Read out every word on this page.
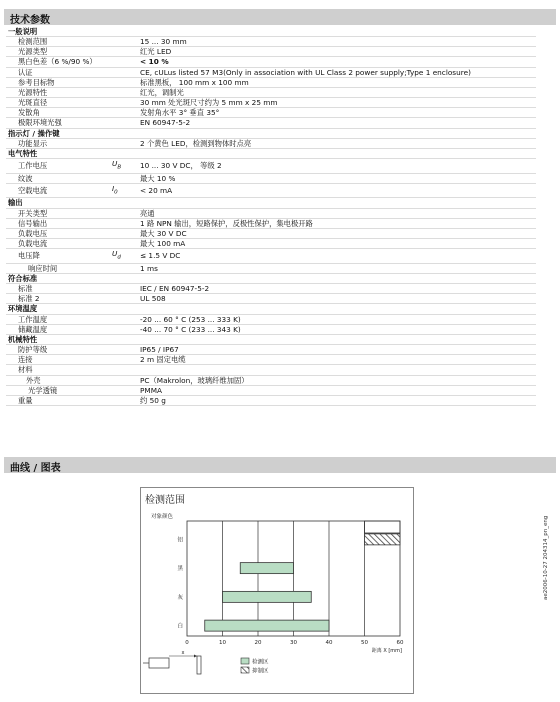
技术参数
一般说明		
检测范围		15 ... 30 mm
光源类型		红光 LED
黑白色差（6 %/90 %）		< 10 %
认证		CE, cULus listed 57 M3(Only in association with UL Class 2 power supply;Type 1 enclosure)
参考目标物		标准黑板， 100 mm x 100 mm
光源特性		红光，调制光
光斑直径		30 mm 处光斑尺寸约为 5 mm x 25 mm
发散角		发射角水平 3° 垂直 35°
极限环境光强		EN 60947-5-2
指示灯 / 操作键		
功能显示		2 个黄色 LED，检测到物体时点亮
电气特性		
工作电压	$U_B$	10 ... 30 V DC， 等级 2
纹波		最大 10 %
空载电流	$I_0$	< 20 mA
输出		
开关类型		亮通
信号输出		1 路 NPN 输出，短路保护，反极性保护，集电极开路
负载电压		最大 30 V DC
负载电流		最大 100 mA
电压降	$U_d$	≤ 1.5 V DC
响应时间		1 ms
符合标准		
标准		IEC / EN 60947-5-2
标准 2		UL 508
环境温度		
工作温度		-20 ... 60 ° C (253 ... 333 K)
储藏温度		-40 ... 70 ° C (233 ... 343 K)
机械特性		
防护等级		IP65 / IP67
连接		2 m 固定电缆
材料		
外壳		PC（Makrolon，玻璃纤维加固）
光学透镜		PMMA
重量		约 50 g
曲线 / 图表
检测范围
对象颜色
0	10	20	30	40	50	60
距离 X [mm]
铝
黑
灰
白
检测区
抑制区
x
ae2006-10-27 204314_pn_eng
